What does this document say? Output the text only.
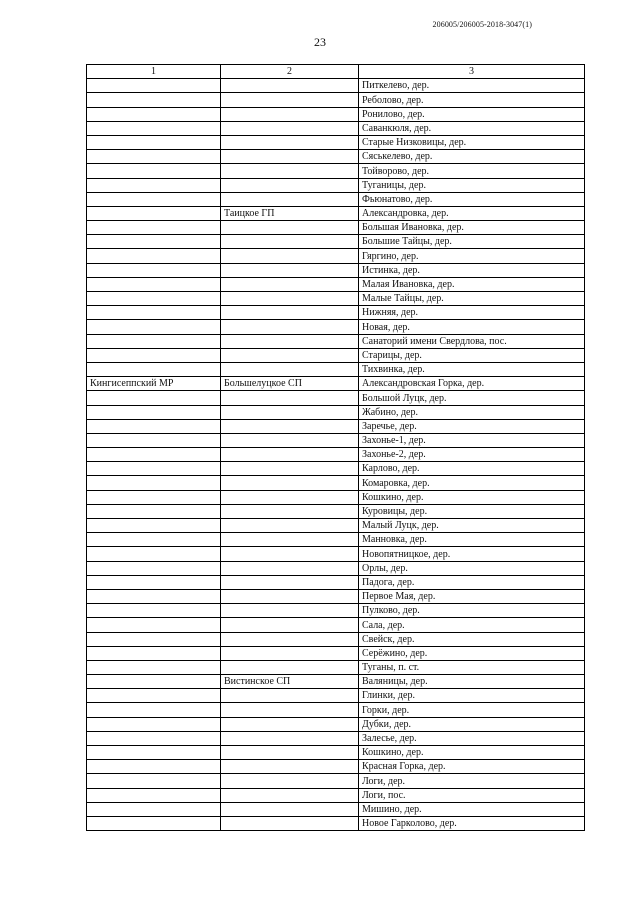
206005/206005-2018-3047(1)
23
1	2	3
		Питкелево, дер.
		Реболово, дер.
		Ронилово, дер.
		Саванкюля, дер.
		Старые Низковицы, дер.
		Сяськелево, дер.
		Тойворово, дер.
		Туганицы, дер.
		Фьюнатово, дер.
	Таицкое ГП	Александровка, дер.
		Большая Ивановка, дер.
		Большие Тайцы, дер.
		Гяргино, дер.
		Истинка, дер.
		Малая Ивановка, дер.
		Малые Тайцы, дер.
		Нижняя, дер.
		Новая, дер.
		Санаторий имени Свердлова, пос.
		Старицы, дер.
		Тихвинка, дер.
Кингисеппский МР	Большелуцкое СП	Александровская Горка, дер.
		Большой Луцк, дер.
		Жабино, дер.
		Заречье, дер.
		Захонье-1, дер.
		Захонье-2, дер.
		Карлово, дер.
		Комаровка, дер.
		Кошкино, дер.
		Куровицы, дер.
		Малый Луцк, дер.
		Манновка, дер.
		Новопятницкое, дер.
		Орлы, дер.
		Падога, дер.
		Первое Мая, дер.
		Пулково, дер.
		Сала, дер.
		Свейск, дер.
		Серёжино, дер.
		Туганы, п. ст.
	Вистинское СП	Валяницы, дер.
		Глинки, дер.
		Горки, дер.
		Дубки, дер.
		Залесье, дер.
		Кошкино, дер.
		Красная Горка, дер.
		Логи, дер.
		Логи, пос.
		Мишино, дер.
		Новое Гарколово, дер.
